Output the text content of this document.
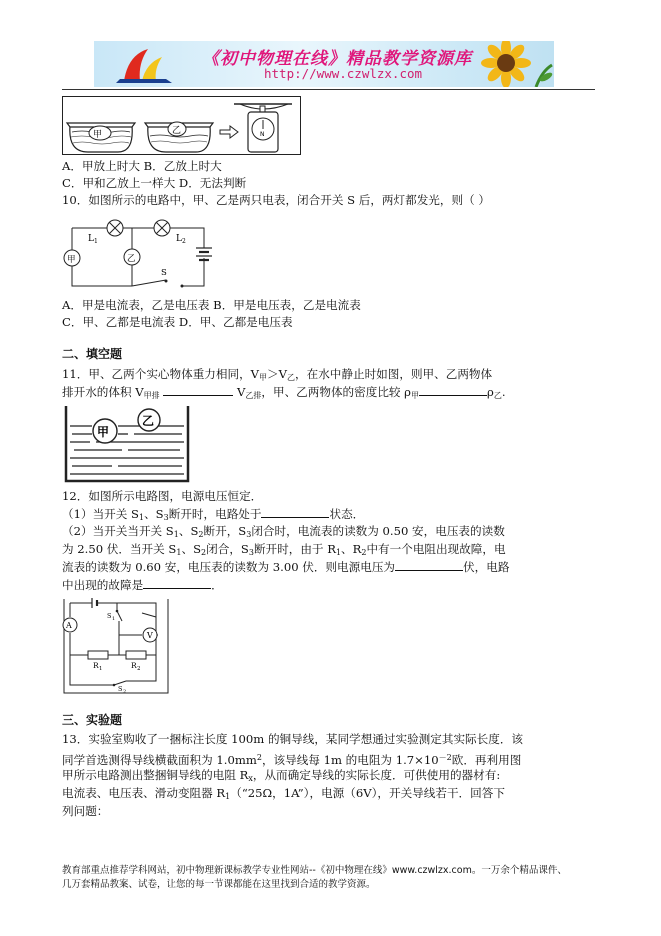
《初中物理在线》精品教学资源库
http://www.czwlzx.com
甲	乙	N
A．甲放上时大 B．乙放上时大
C．甲和乙放上一样大 D．无法判断
10．如图所示的电路中，甲、乙是两只电表，闭合开关 S 后，两灯都发光，则（ ）
甲	乙
L 1	L 2
S
A．甲是电流表，乙是电压表 B．甲是电压表，乙是电流表
C．甲、乙都是电流表 D．甲、乙都是电压表
二、填空题
11．甲、乙两个实心物体重力相同，$V_甲>V_乙$，在水中静止时如图，则甲、乙两物体
排开水的体积 $V_{甲排}$	$V_{乙排}$，甲、乙两物体的密度比较 $\rho_甲$	$\rho_乙$.
甲
乙
12．如图所示电路图，电源电压恒定．
（1）当开关 $S_1$、$S_3$断开时，电路处于	状态．
（2）当开关当开关 $S_1$、$S_2$断开，$S_3$闭合时，电流表的读数为 0.50 安，电压表的读数
为 2.50 伏．当开关 $S_1$、$S_2$闭合，$S_3$断开时，由于 $R_1$、$R_2$中有一个电阻出现故障，电
流表的读数为 0.60 安，电压表的读数为 3.00 伏．则电源电压为	伏，电路
中出现的故障是	．
A
V
R 1	R 2
S 1
S 2
三、实验题
13．实验室购收了一捆标注长度 100m 的铜导线，某同学想通过实验测定其实际长度．该
同学首选测得导线横截面积为 $1.0mm^2$，该导线每 1m 的电阻为 $1.7\times 10^{-2}$欧．再利用图
甲所示电路测出整捆铜导线的电阻 $R_x$，从而确定导线的实际长度．可供使用的器材有:
电流表、电压表、滑动变阻器 $R_1(“25\Omega$，1A”），电源（6V），开关导线若干．回答下
列问题：
教育部重点推荐学科网站，初中物理新课标教学专业性网站--《初中物理在线》www.czwlzx.com。一万余个精品课件、
几万套精品教案、试卷，让您的每一节课都能在这里找到合适的教学资源。
